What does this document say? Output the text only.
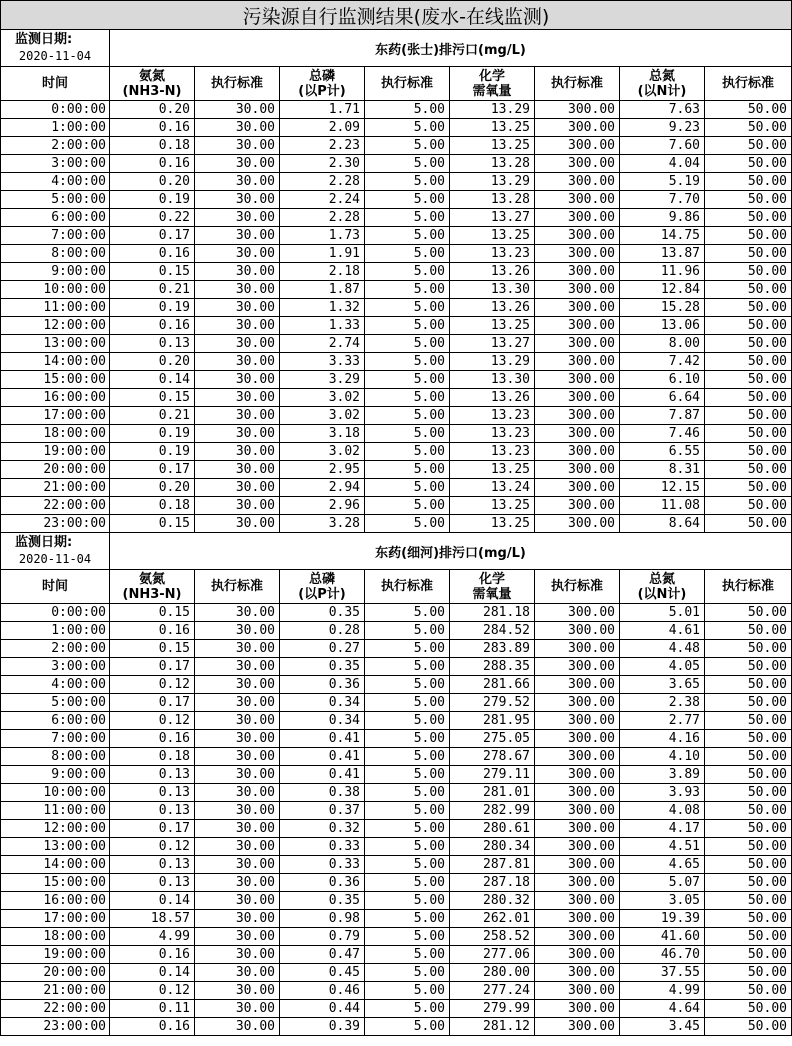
污染源自行监测结果(废水-在线监测)								

监测日期:
2020-11-04	东药(张士)排污口(mg/L)							

时间	氨氮
(NH3-N)	执行标准	总磷
(以P计)	执行标准	化学
需氧量	执行标准	总氮
(以N计)	执行标准

0:00:00	0.20	30.00	1.71	5.00	13.29	300.00	7.63	50.00
1:00:00	0.16	30.00	2.09	5.00	13.25	300.00	9.23	50.00
2:00:00	0.18	30.00	2.23	5.00	13.25	300.00	7.60	50.00
3:00:00	0.16	30.00	2.30	5.00	13.28	300.00	4.04	50.00
4:00:00	0.20	30.00	2.28	5.00	13.29	300.00	5.19	50.00
5:00:00	0.19	30.00	2.24	5.00	13.28	300.00	7.70	50.00
6:00:00	0.22	30.00	2.28	5.00	13.27	300.00	9.86	50.00
7:00:00	0.17	30.00	1.73	5.00	13.25	300.00	14.75	50.00
8:00:00	0.16	30.00	1.91	5.00	13.23	300.00	13.87	50.00
9:00:00	0.15	30.00	2.18	5.00	13.26	300.00	11.96	50.00
10:00:00	0.21	30.00	1.87	5.00	13.30	300.00	12.84	50.00
11:00:00	0.19	30.00	1.32	5.00	13.26	300.00	15.28	50.00
12:00:00	0.16	30.00	1.33	5.00	13.25	300.00	13.06	50.00
13:00:00	0.13	30.00	2.74	5.00	13.27	300.00	8.00	50.00
14:00:00	0.20	30.00	3.33	5.00	13.29	300.00	7.42	50.00
15:00:00	0.14	30.00	3.29	5.00	13.30	300.00	6.10	50.00
16:00:00	0.15	30.00	3.02	5.00	13.26	300.00	6.64	50.00
17:00:00	0.21	30.00	3.02	5.00	13.23	300.00	7.87	50.00
18:00:00	0.19	30.00	3.18	5.00	13.23	300.00	7.46	50.00
19:00:00	0.19	30.00	3.02	5.00	13.23	300.00	6.55	50.00
20:00:00	0.17	30.00	2.95	5.00	13.25	300.00	8.31	50.00
21:00:00	0.20	30.00	2.94	5.00	13.24	300.00	12.15	50.00
22:00:00	0.18	30.00	2.96	5.00	13.25	300.00	11.08	50.00
23:00:00	0.15	30.00	3.28	5.00	13.25	300.00	8.64	50.00

监测日期:
2020-11-04	东药(细河)排污口(mg/L)							

时间	氨氮
(NH3-N)	执行标准	总磷
(以P计)	执行标准	化学
需氧量	执行标准	总氮
(以N计)	执行标准

0:00:00	0.15	30.00	0.35	5.00	281.18	300.00	5.01	50.00
1:00:00	0.16	30.00	0.28	5.00	284.52	300.00	4.61	50.00
2:00:00	0.15	30.00	0.27	5.00	283.89	300.00	4.48	50.00
3:00:00	0.17	30.00	0.35	5.00	288.35	300.00	4.05	50.00
4:00:00	0.12	30.00	0.36	5.00	281.66	300.00	3.65	50.00
5:00:00	0.17	30.00	0.34	5.00	279.52	300.00	2.38	50.00
6:00:00	0.12	30.00	0.34	5.00	281.95	300.00	2.77	50.00
7:00:00	0.16	30.00	0.41	5.00	275.05	300.00	4.16	50.00
8:00:00	0.18	30.00	0.41	5.00	278.67	300.00	4.10	50.00
9:00:00	0.13	30.00	0.41	5.00	279.11	300.00	3.89	50.00
10:00:00	0.13	30.00	0.38	5.00	281.01	300.00	3.93	50.00
11:00:00	0.13	30.00	0.37	5.00	282.99	300.00	4.08	50.00
12:00:00	0.17	30.00	0.32	5.00	280.61	300.00	4.17	50.00
13:00:00	0.12	30.00	0.33	5.00	280.34	300.00	4.51	50.00
14:00:00	0.13	30.00	0.33	5.00	287.81	300.00	4.65	50.00
15:00:00	0.13	30.00	0.36	5.00	287.18	300.00	5.07	50.00
16:00:00	0.14	30.00	0.35	5.00	280.32	300.00	3.05	50.00
17:00:00	18.57	30.00	0.98	5.00	262.01	300.00	19.39	50.00
18:00:00	4.99	30.00	0.79	5.00	258.52	300.00	41.60	50.00
19:00:00	0.16	30.00	0.47	5.00	277.06	300.00	46.70	50.00
20:00:00	0.14	30.00	0.45	5.00	280.00	300.00	37.55	50.00
21:00:00	0.12	30.00	0.46	5.00	277.24	300.00	4.99	50.00
22:00:00	0.11	30.00	0.44	5.00	279.99	300.00	4.64	50.00
23:00:00	0.16	30.00	0.39	5.00	281.12	300.00	3.45	50.00
